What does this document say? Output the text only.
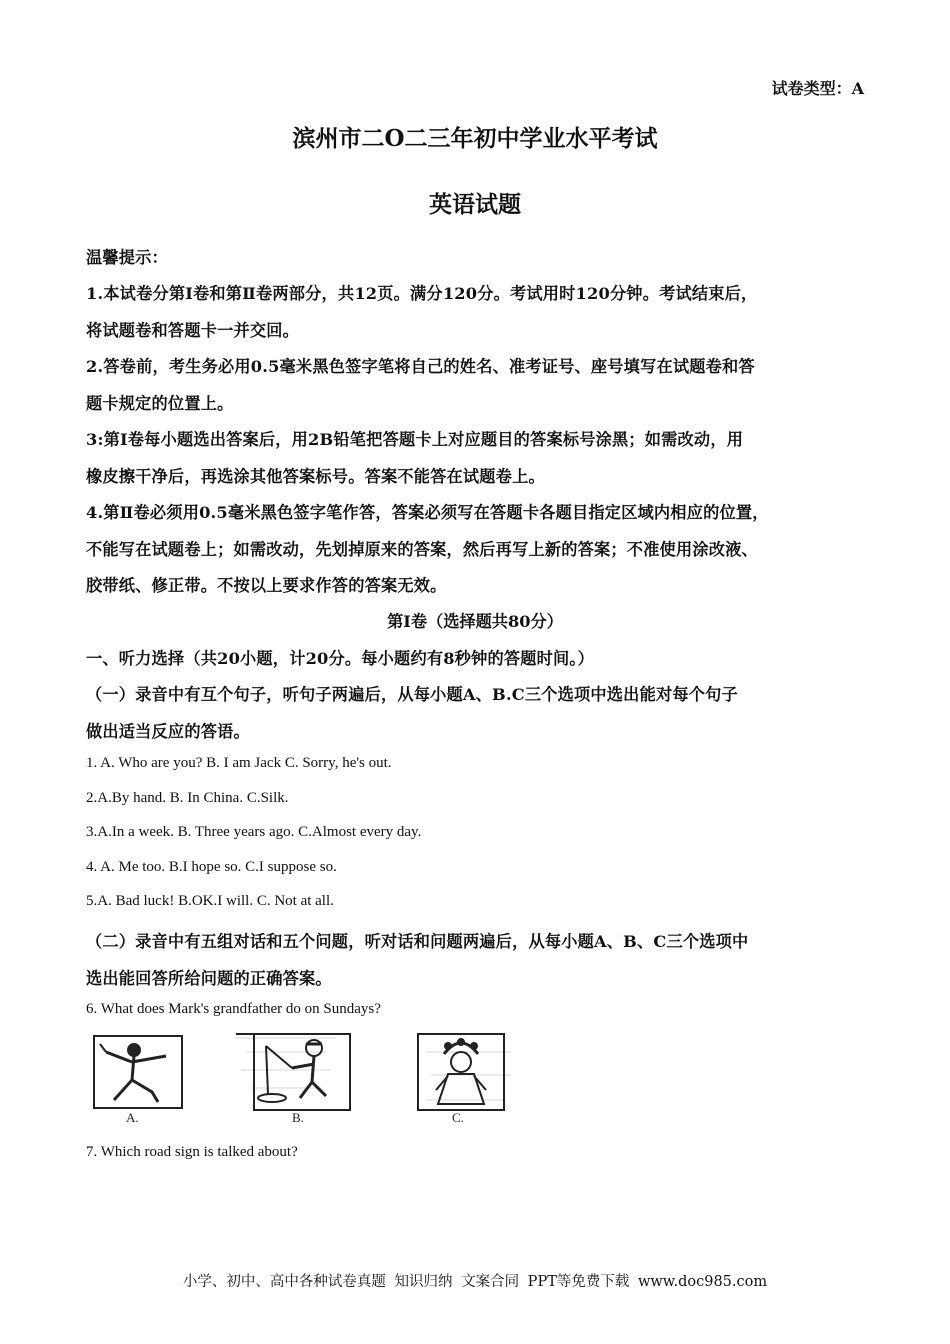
试卷类型：A
滨州市二O二三年初中学业水平考试
英语试题
温馨提示：
1.本试卷分第I卷和第Ⅱ卷两部分，共12页。满分120分。考试用时120分钟。考试结束后，
将试题卷和答题卡一并交回。
2.答卷前，考生务必用0.5毫米黑色签字笔将自己的姓名、准考证号、座号填写在试题卷和答
题卡规定的位置上。
3:第Ⅰ卷每小题选出答案后，用2B铅笔把答题卡上对应题目的答案标号涂黑；如需改动，用
橡皮擦干净后，再选涂其他答案标号。答案不能答在试题卷上。
4.第Ⅱ卷必须用0.5毫米黑色签字笔作答，答案必须写在答题卡各题目指定区域内相应的位置，
不能写在试题卷上；如需改动，先划掉原来的答案，然后再写上新的答案；不准使用涂改液、
胶带纸、修正带。不按以上要求作答的答案无效。
第Ⅰ卷（选择题共80分）
一、听力选择（共20小题，计20分。每小题约有8秒钟的答题时间。）
（一）录音中有互个句子，听句子两遍后，从每小题A、B.C三个选项中选出能对每个句子
做出适当反应的答语。
1. A. Who are you? B. I am Jack C. Sorry, he's out.
2.A.By hand. B. In China. C.Silk.
3.A.In a week. B. Three years ago. C.Almost every day.
4. A. Me too. B.I hope so. C.I suppose so.
5.A. Bad luck! B.OK.I will. C. Not at all.
（二）录音中有五组对话和五个问题，听对话和问题两遍后，从每小题A、B、C三个选项中
选出能回答所给问题的正确答案。
6. What does Mark's grandfather do on Sundays?
A.	B.	C.
7. Which road sign is talked about?
小学、初中、高中各种试卷真题 知识归纳 文案合同 PPT等免费下载 www.doc985.com
